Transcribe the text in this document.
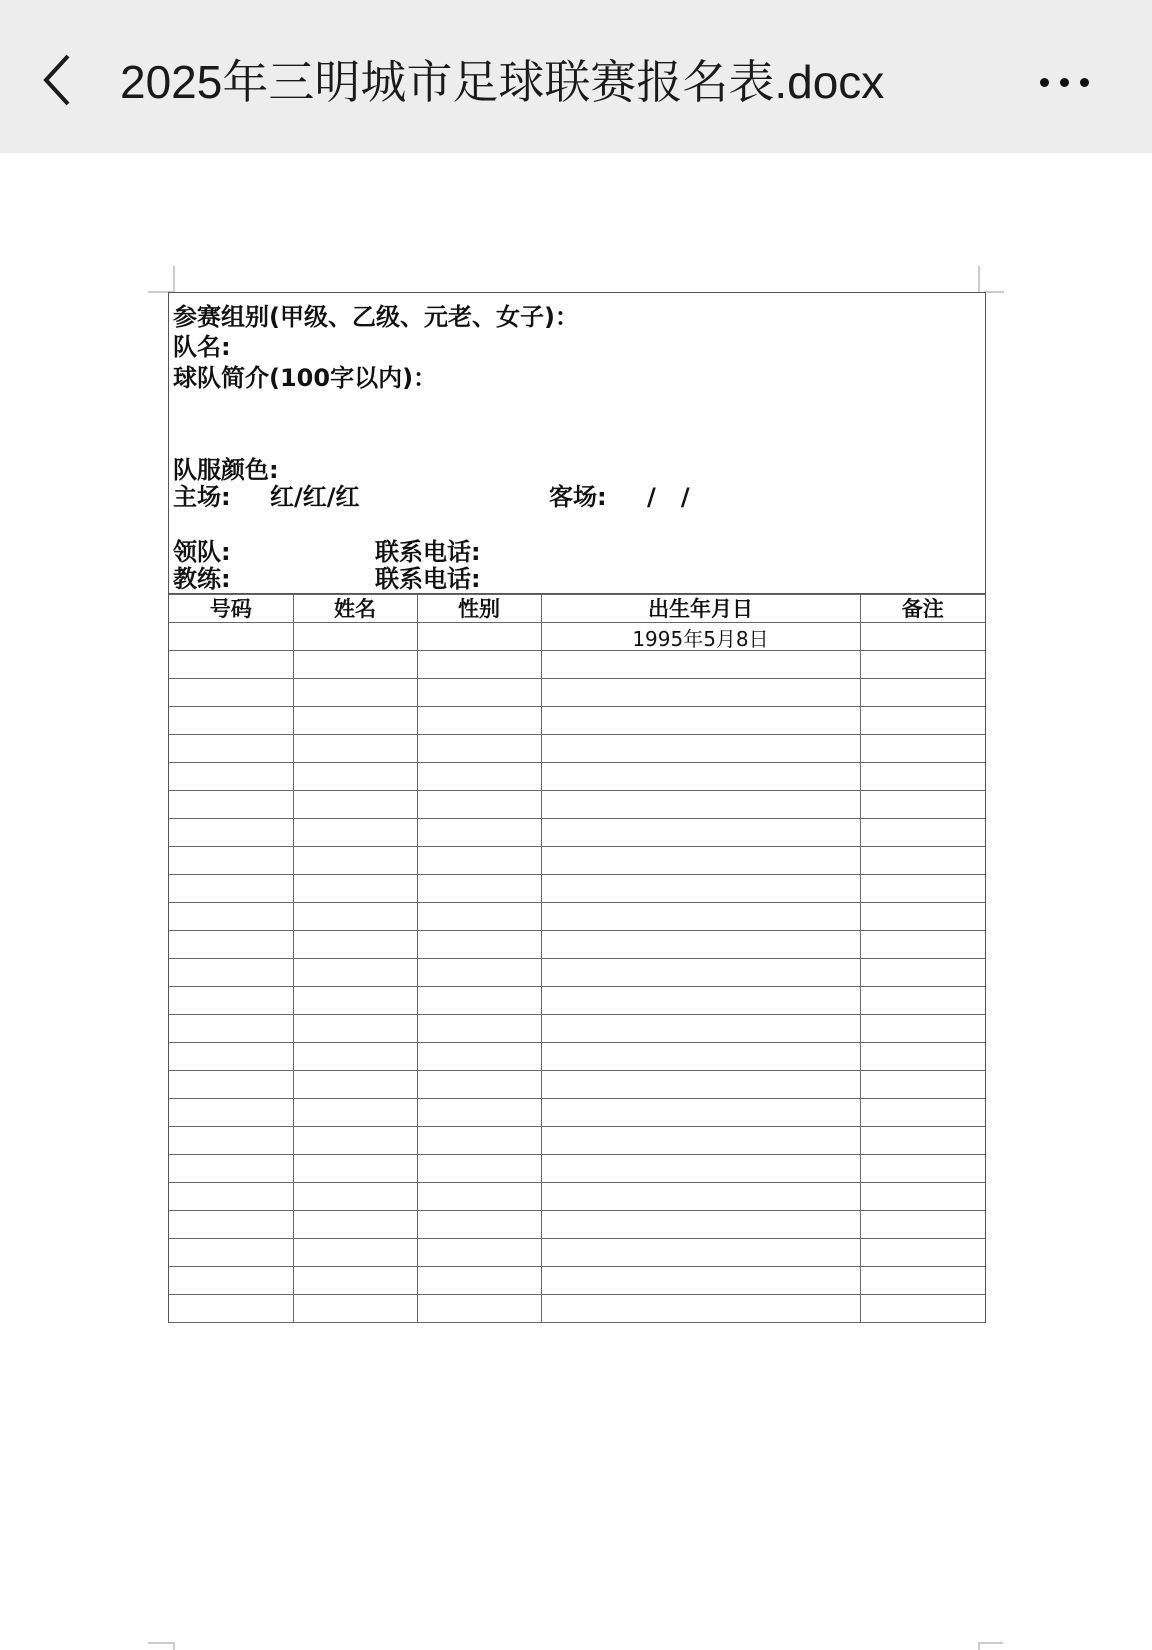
2025年三明城市足球联赛报名表.docx
参赛组别(甲级、乙级、元老、女子)：
队名:
球队简介(100字以内)：
队服颜色:
主场: 红/红/红	客场: /   /
领队:	联系电话:
教练:	联系电话:
号码	姓名	性别	出生年月日	备注
			1995年5月8日	
